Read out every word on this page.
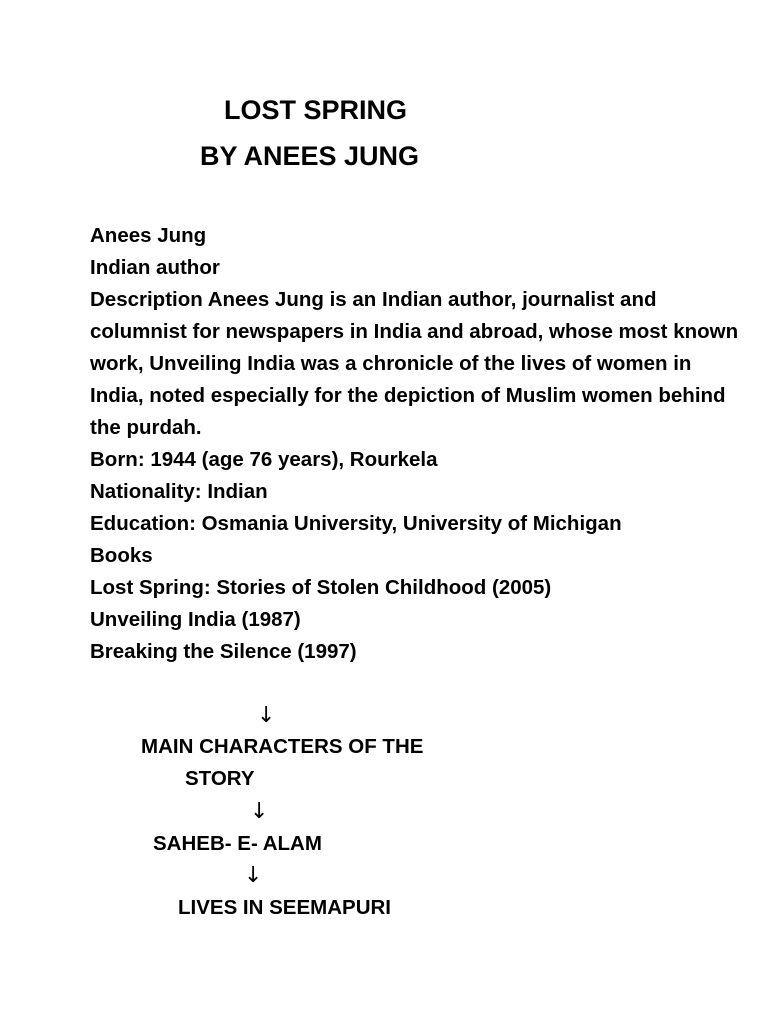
LOST SPRING
BY ANEES JUNG

Anees Jung

Indian author

Description Anees Jung is an Indian author, journalist and columnist for newspapers in India and abroad, whose most known work, Unveiling India was a chronicle of the lives of women in India, noted especially for the depiction of Muslim women behind the purdah.

Born: 1944 (age 76 years), Rourkela

Nationality: Indian

Education: Osmania University, University of Michigan

Books

Lost Spring: Stories of Stolen Childhood (2005)

Unveiling India (1987)

Breaking the Silence (1997)

↓
MAIN CHARACTERS OF THE
STORY
↓
SAHEB- E- ALAM
↓
LIVES IN SEEMAPURI
